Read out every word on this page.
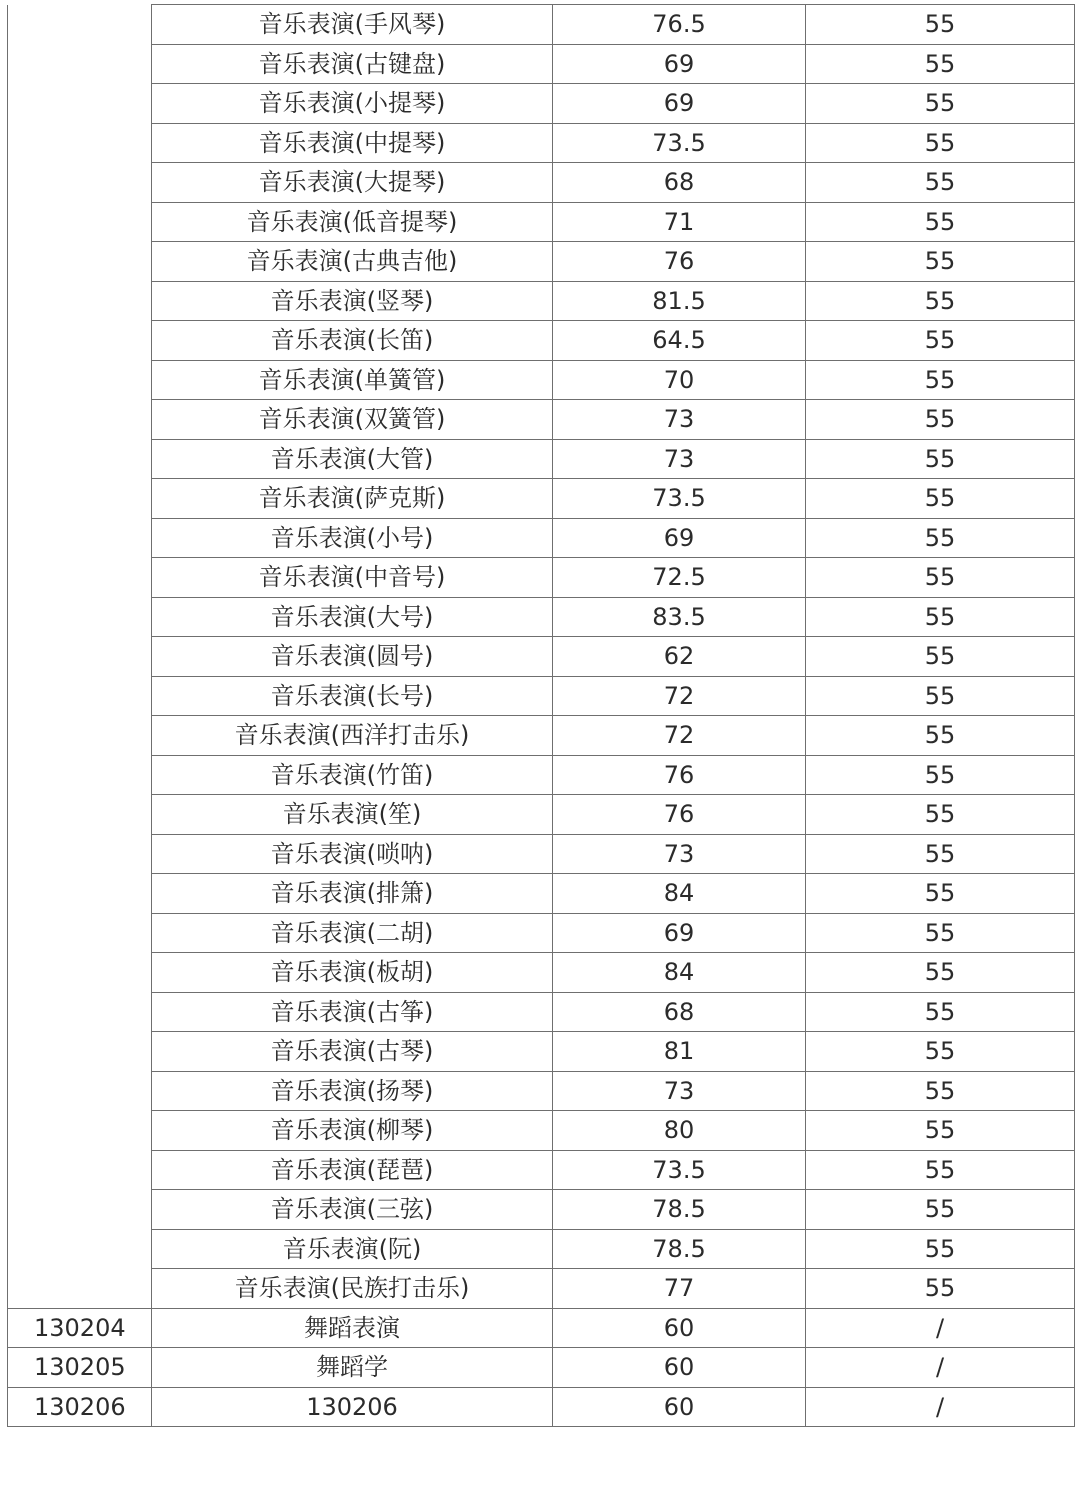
	音乐表演(手风琴)	76.5	55
	音乐表演(古键盘)	69	55
	音乐表演(小提琴)	69	55
	音乐表演(中提琴)	73.5	55
	音乐表演(大提琴)	68	55
	音乐表演(低音提琴)	71	55
	音乐表演(古典吉他)	76	55
	音乐表演(竖琴)	81.5	55
	音乐表演(长笛)	64.5	55
	音乐表演(单簧管)	70	55
	音乐表演(双簧管)	73	55
	音乐表演(大管)	73	55
	音乐表演(萨克斯)	73.5	55
	音乐表演(小号)	69	55
	音乐表演(中音号)	72.5	55
	音乐表演(大号)	83.5	55
	音乐表演(圆号)	62	55
	音乐表演(长号)	72	55
	音乐表演(西洋打击乐)	72	55
	音乐表演(竹笛)	76	55
	音乐表演(笙)	76	55
	音乐表演(唢呐)	73	55
	音乐表演(排箫)	84	55
	音乐表演(二胡)	69	55
	音乐表演(板胡)	84	55
	音乐表演(古筝)	68	55
	音乐表演(古琴)	81	55
	音乐表演(扬琴)	73	55
	音乐表演(柳琴)	80	55
	音乐表演(琵琶)	73.5	55
	音乐表演(三弦)	78.5	55
	音乐表演(阮)	78.5	55
	音乐表演(民族打击乐)	77	55
130204	舞蹈表演	60	/
130205	舞蹈学	60	/
130206	130206	60	/
